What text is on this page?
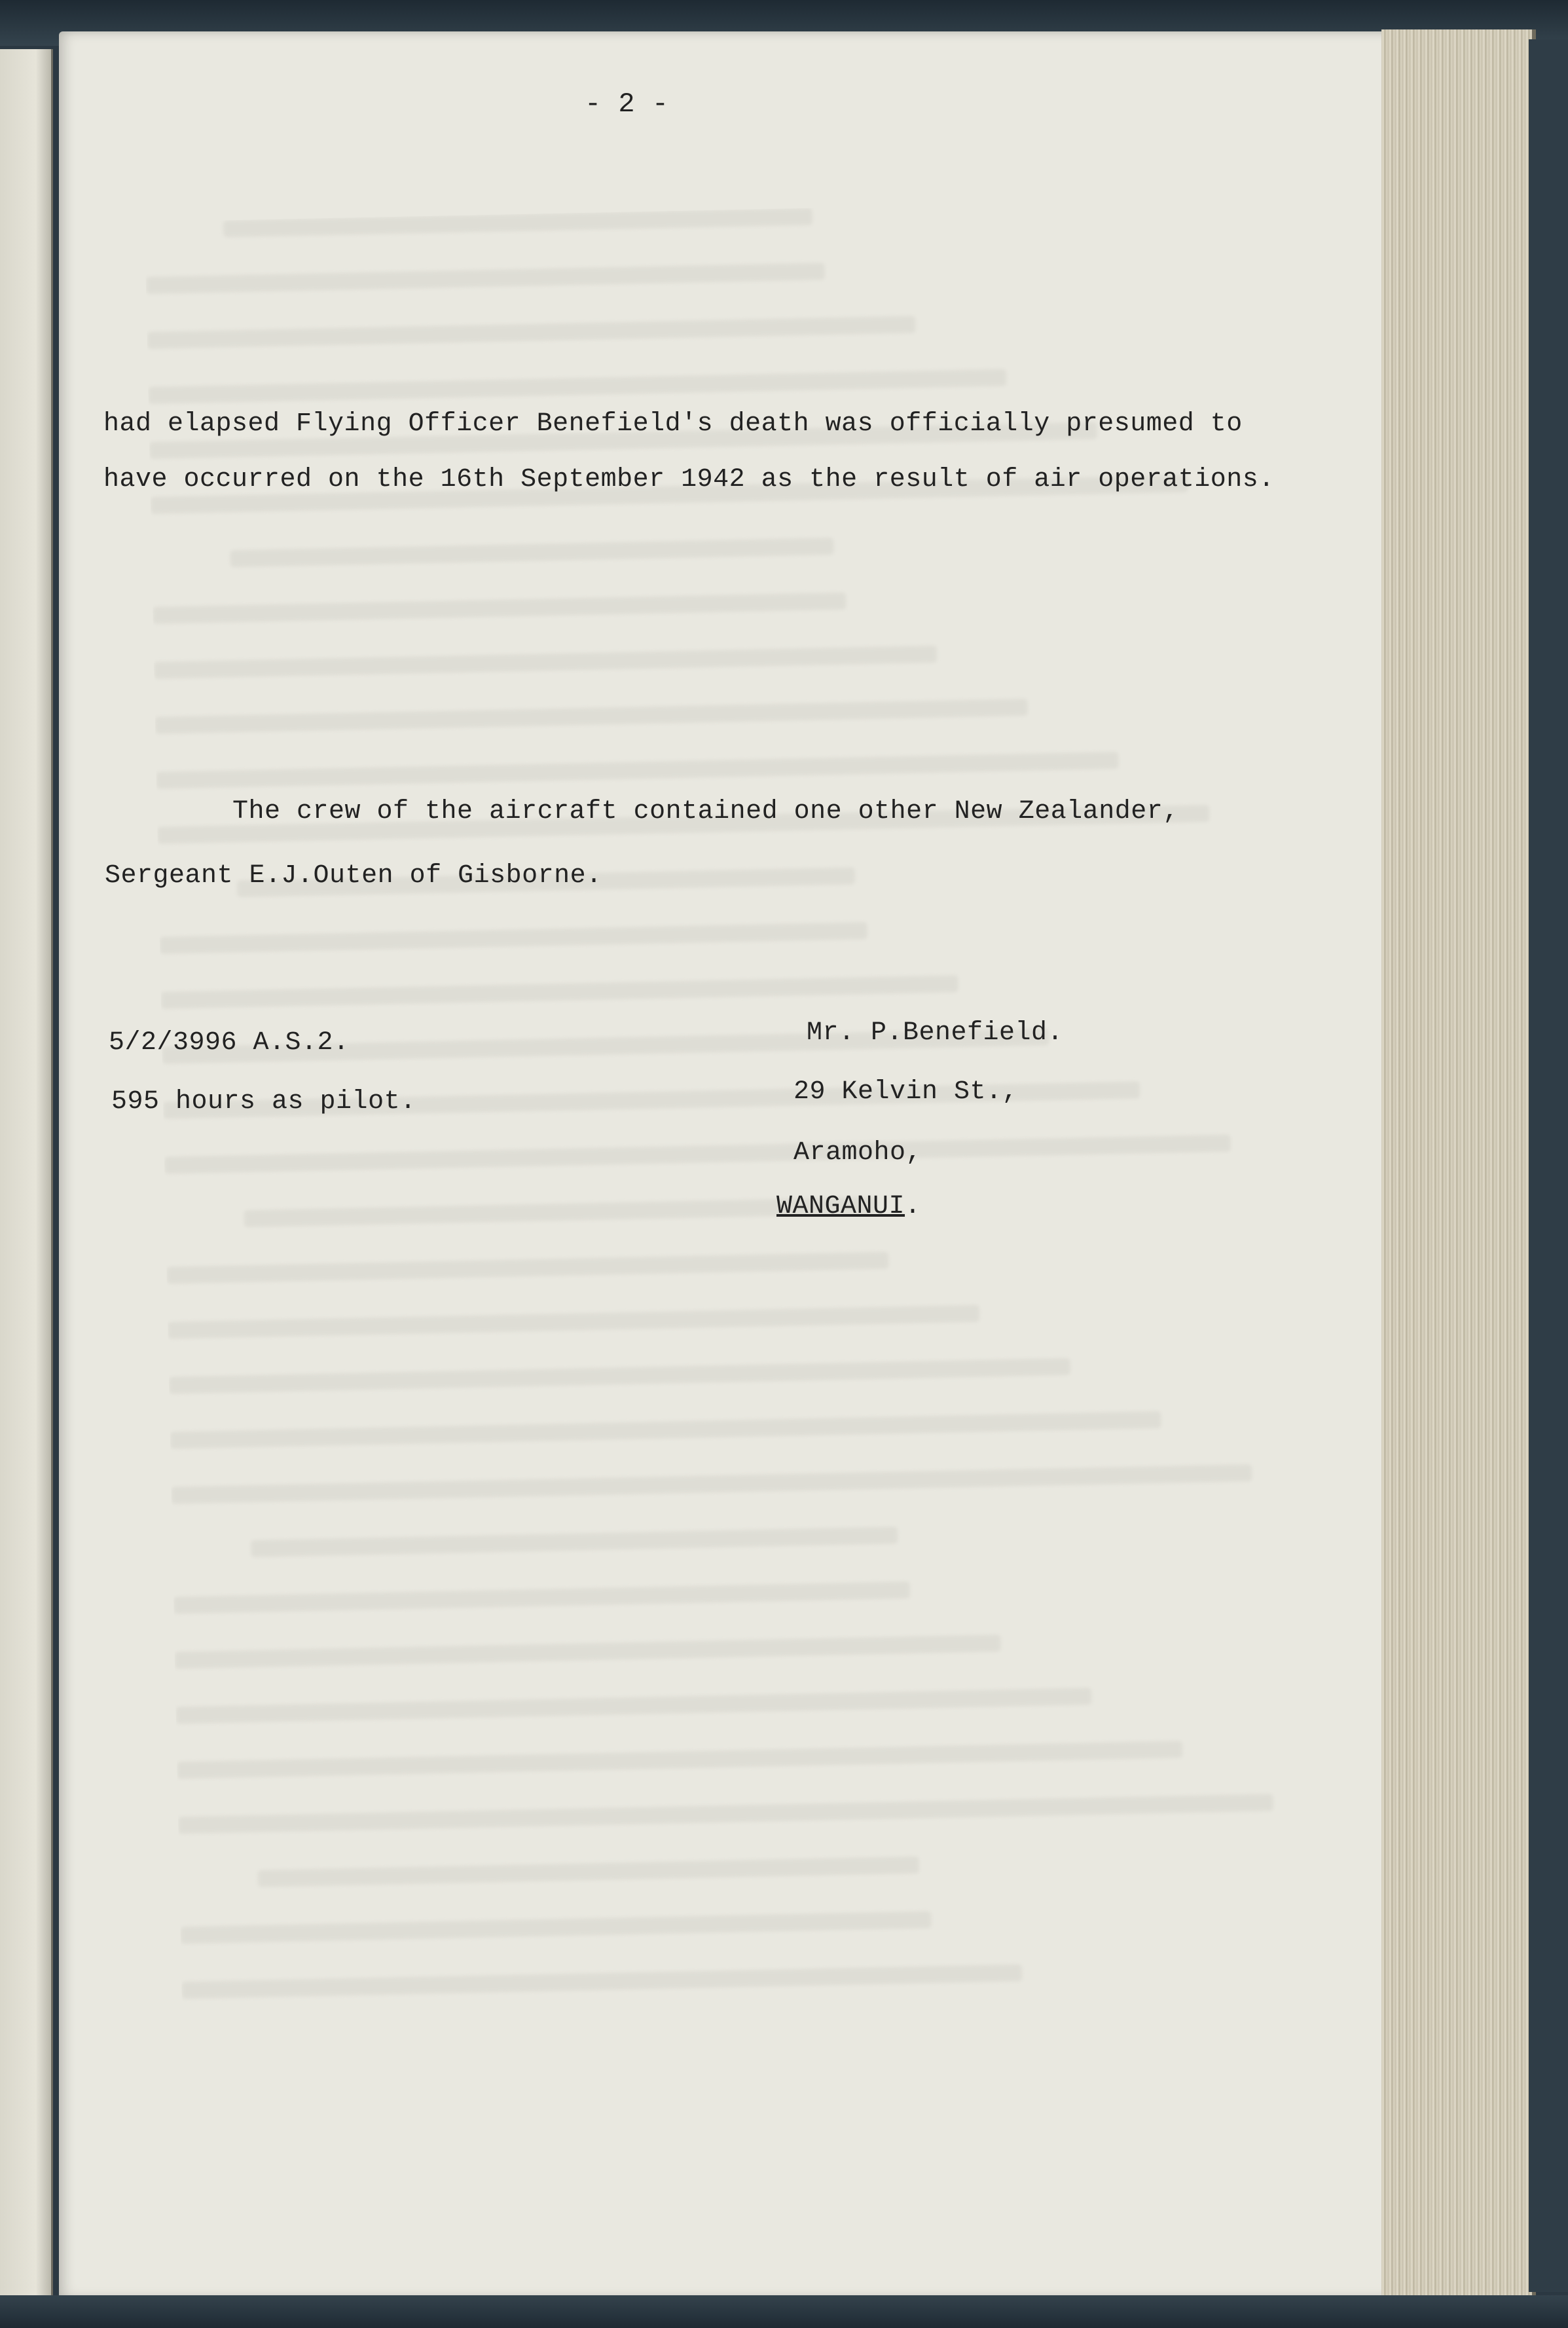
- 2 -
had elapsed Flying Officer Benefield's death was officially presumed to
have occurred on the 16th September 1942 as the result of air operations.
The crew of the aircraft contained one other New Zealander,
Sergeant E.J.Outen of Gisborne.
5/2/3996 A.S.2.
595 hours as pilot.
Mr. P.Benefield.
29 Kelvin St.,
Aramoho,
WANGANUI.
